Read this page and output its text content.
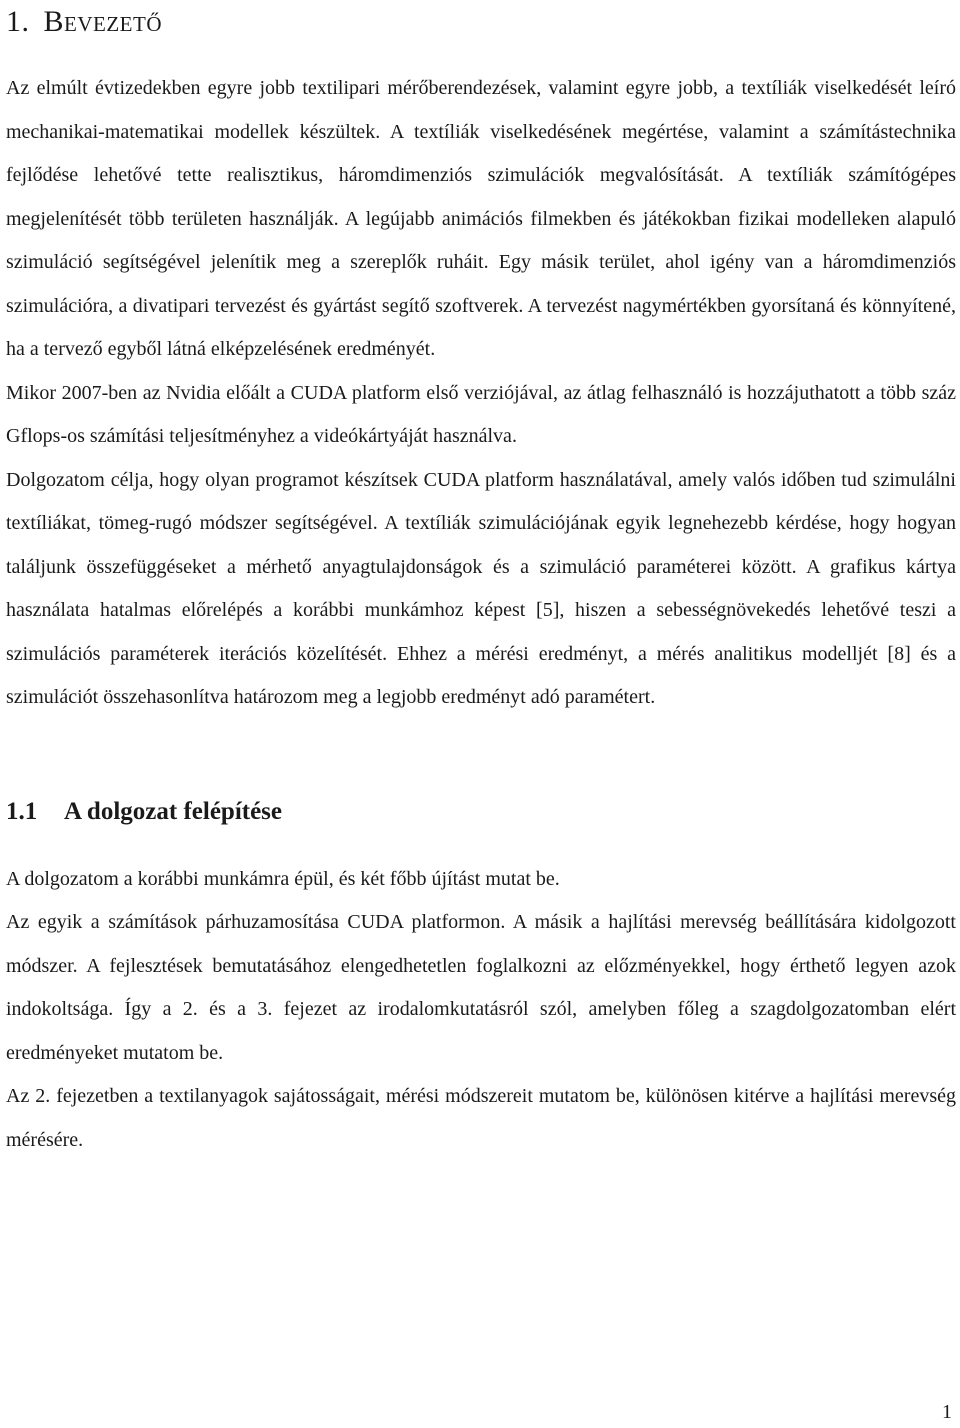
1. Bevezető

Az elmúlt évtizedekben egyre jobb textilipari mérőberendezések, valamint egyre jobb, a textíliák viselkedését leíró mechanikai-matematikai modellek készültek. A textíliák viselkedésének megértése, valamint a számítástechnika fejlődése lehetővé tette realisztikus, háromdimenziós szimulációk megvalósítását. A textíliák számítógépes megjelenítését több területen használják. A legújabb animációs filmekben és játékokban fizikai modelleken alapuló szimuláció segítségével jelenítik meg a szereplők ruháit. Egy másik terület, ahol igény van a háromdimenziós szimulációra, a divatipari tervezést és gyártást segítő szoftverek. A tervezést nagymértékben gyorsítaná és könnyítené, ha a tervező egyből látná elképzelésének eredményét.

Mikor 2007-ben az Nvidia előált a CUDA platform első verziójával, az átlag felhasználó is hozzájuthatott a több száz Gflops-os számítási teljesítményhez a videókártyáját használva.

Dolgozatom célja, hogy olyan programot készítsek CUDA platform használatával, amely valós időben tud szimulálni textíliákat, tömeg-rugó módszer segítségével. A textíliák szimulációjának egyik legnehezebb kérdése, hogy hogyan találjunk összefüggéseket a mérhető anyagtulajdonságok és a szimuláció paraméterei között. A grafikus kártya használata hatalmas előrelépés a korábbi munkámhoz képest [5], hiszen a sebességnövekedés lehetővé teszi a szimulációs paraméterek iterációs közelítését. Ehhez a mérési eredményt, a mérés analitikus modelljét [8] és a szimulációt összehasonlítva határozom meg a legjobb eredményt adó paramétert.

1.1 A dolgozat felépítése

A dolgozatom a korábbi munkámra épül, és két főbb újítást mutat be.

Az egyik a számítások párhuzamosítása CUDA platformon. A másik a hajlítási merevség beállítására kidolgozott módszer. A fejlesztések bemutatásához elengedhetetlen foglalkozni az előzményekkel, hogy érthető legyen azok indokoltsága. Így a 2. és a 3. fejezet az irodalomkutatásról szól, amelyben főleg a szagdolgozatomban elért eredményeket mutatom be.

Az 2. fejezetben a textilanyagok sajátosságait, mérési módszereit mutatom be, különösen kitérve a hajlítási merevség mérésére.

1
